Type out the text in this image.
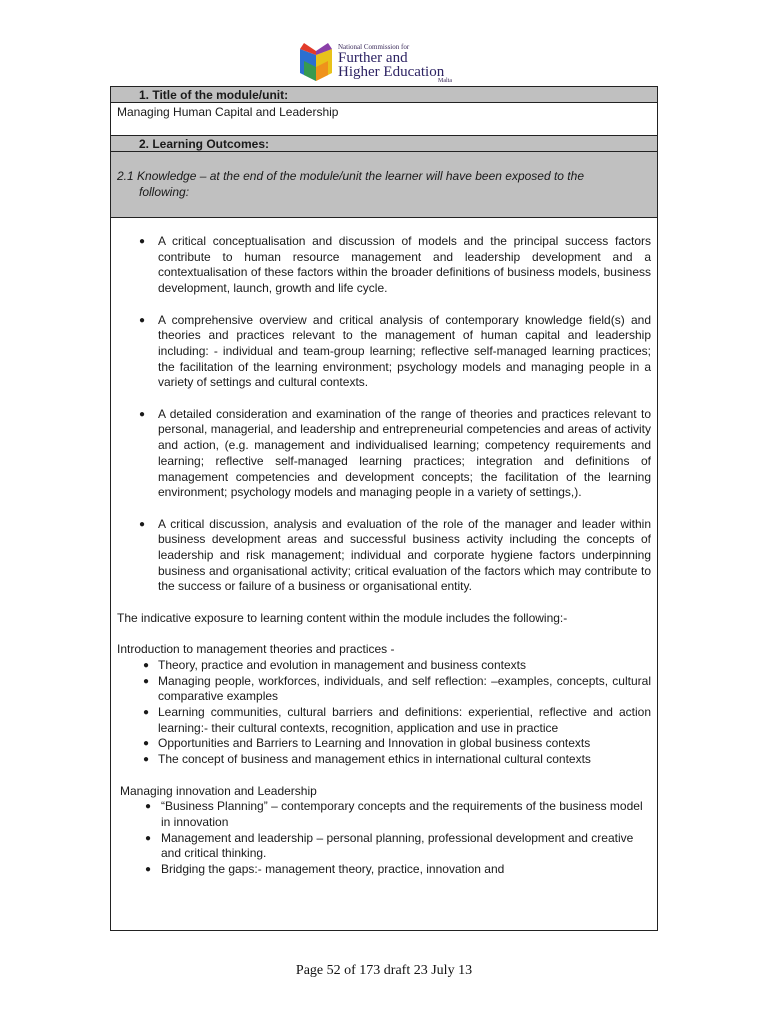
National Commission for
Further and
Higher Education
Malta
1. Title of the module/unit:
Managing Human Capital and Leadership
2. Learning Outcomes:
2.1 Knowledge – at the end of the module/unit the learner will have been exposed to the
following:
● A critical conceptualisation and discussion of models and the principal success factors contribute to human resource management and leadership development and a contextualisation of these factors within the broader definitions of business models, business development, launch, growth and life cycle.
● A comprehensive overview and critical analysis of contemporary knowledge field(s) and theories and practices relevant to the management of human capital and leadership including: - individual and team-group learning; reflective self-managed learning practices; the facilitation of the learning environment; psychology models and managing people in a variety of settings and cultural contexts.
● A detailed consideration and examination of the range of theories and practices relevant to personal, managerial, and leadership and entrepreneurial competencies and areas of activity and action, (e.g. management and individualised learning; competency requirements and learning; reflective self-managed learning practices; integration and definitions of management competencies and development concepts; the facilitation of the learning environment; psychology models and managing people in a variety of settings,).
● A critical discussion, analysis and evaluation of the role of the manager and leader within business development areas and successful business activity including the concepts of leadership and risk management; individual and corporate hygiene factors underpinning business and organisational activity; critical evaluation of the factors which may contribute to the success or failure of a business or organisational entity.

The indicative exposure to learning content within the module includes the following:-

Introduction to management theories and practices -

● Theory, practice and evolution in management and business contexts
● Managing people, workforces, individuals, and self reflection: –examples, concepts, cultural comparative examples
● Learning communities, cultural barriers and definitions: experiential, reflective and action learning:- their cultural contexts, recognition, application and use in practice
● Opportunities and Barriers to Learning and Innovation in global business contexts
● The concept of business and management ethics in international cultural contexts

Managing innovation and Leadership

● “Business Planning” – contemporary concepts and the requirements of the business model in innovation
● Management and leadership – personal planning, professional development and creative and critical thinking.
● Bridging the gaps:- management theory, practice, innovation and
Page 52 of 173 draft 23 July 13
